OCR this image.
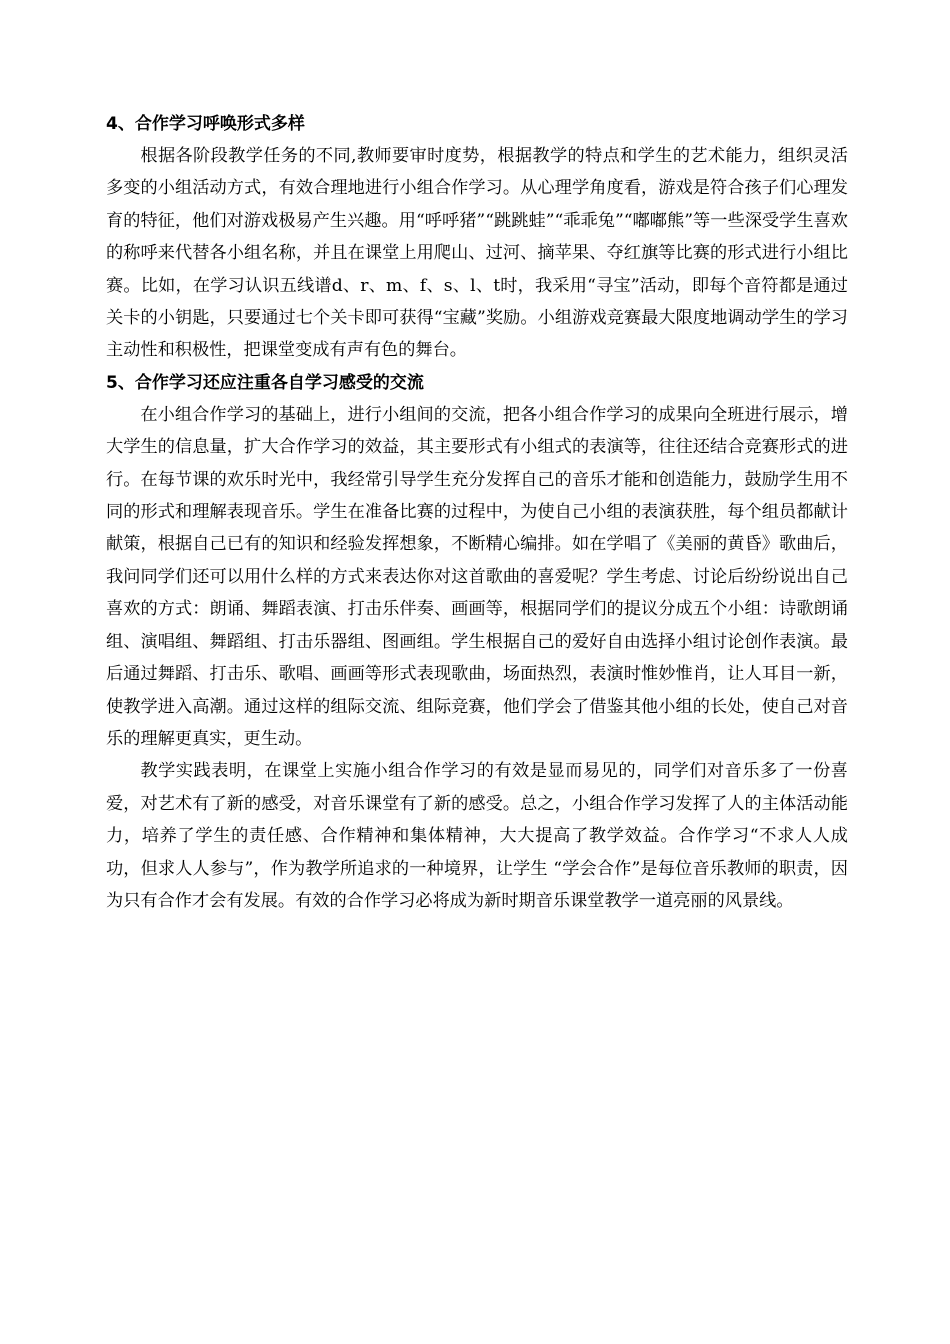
4、合作学习呼唤形式多样

根据各阶段教学任务的不同,教师要审时度势，根据教学的特点和学生的艺术能力，组织灵活多变的小组活动方式，有效合理地进行小组合作学习。从心理学角度看，游戏是符合孩子们心理发育的特征，他们对游戏极易产生兴趣。用“呼呼猪”“跳跳蛙”“乖乖兔”“嘟嘟熊”等一些深受学生喜欢的称呼来代替各小组名称，并且在课堂上用爬山、过河、摘苹果、夺红旗等比赛的形式进行小组比赛。比如，在学习认识五线谱d、r、m、f、s、l、t时，我采用“寻宝”活动，即每个音符都是通过关卡的小钥匙，只要通过七个关卡即可获得“宝藏”奖励。小组游戏竞赛最大限度地调动学生的学习主动性和积极性，把课堂变成有声有色的舞台。

5、合作学习还应注重各自学习感受的交流

在小组合作学习的基础上，进行小组间的交流，把各小组合作学习的成果向全班进行展示，增大学生的信息量，扩大合作学习的效益，其主要形式有小组式的表演等，往往还结合竞赛形式的进行。在每节课的欢乐时光中，我经常引导学生充分发挥自己的音乐才能和创造能力，鼓励学生用不同的形式和理解表现音乐。学生在准备比赛的过程中，为使自己小组的表演获胜，每个组员都献计献策，根据自己已有的知识和经验发挥想象，不断精心编排。如在学唱了《美丽的黄昏》歌曲后，我问同学们还可以用什么样的方式来表达你对这首歌曲的喜爱呢？学生考虑、讨论后纷纷说出自己喜欢的方式：朗诵、舞蹈表演、打击乐伴奏、画画等，根据同学们的提议分成五个小组：诗歌朗诵组、演唱组、舞蹈组、打击乐器组、图画组。学生根据自己的爱好自由选择小组讨论创作表演。最后通过舞蹈、打击乐、歌唱、画画等形式表现歌曲，场面热烈，表演时惟妙惟肖，让人耳目一新，使教学进入高潮。通过这样的组际交流、组际竞赛，他们学会了借鉴其他小组的长处，使自己对音乐的理解更真实，更生动。

教学实践表明，在课堂上实施小组合作学习的有效是显而易见的，同学们对音乐多了一份喜爱，对艺术有了新的感受，对音乐课堂有了新的感受。总之，小组合作学习发挥了人的主体活动能力，培养了学生的责任感、合作精神和集体精神，大大提高了教学效益。合作学习“不求人人成功，但求人人参与”，作为教学所追求的一种境界，让学生 “学会合作”是每位音乐教师的职责，因为只有合作才会有发展。有效的合作学习必将成为新时期音乐课堂教学一道亮丽的风景线。
